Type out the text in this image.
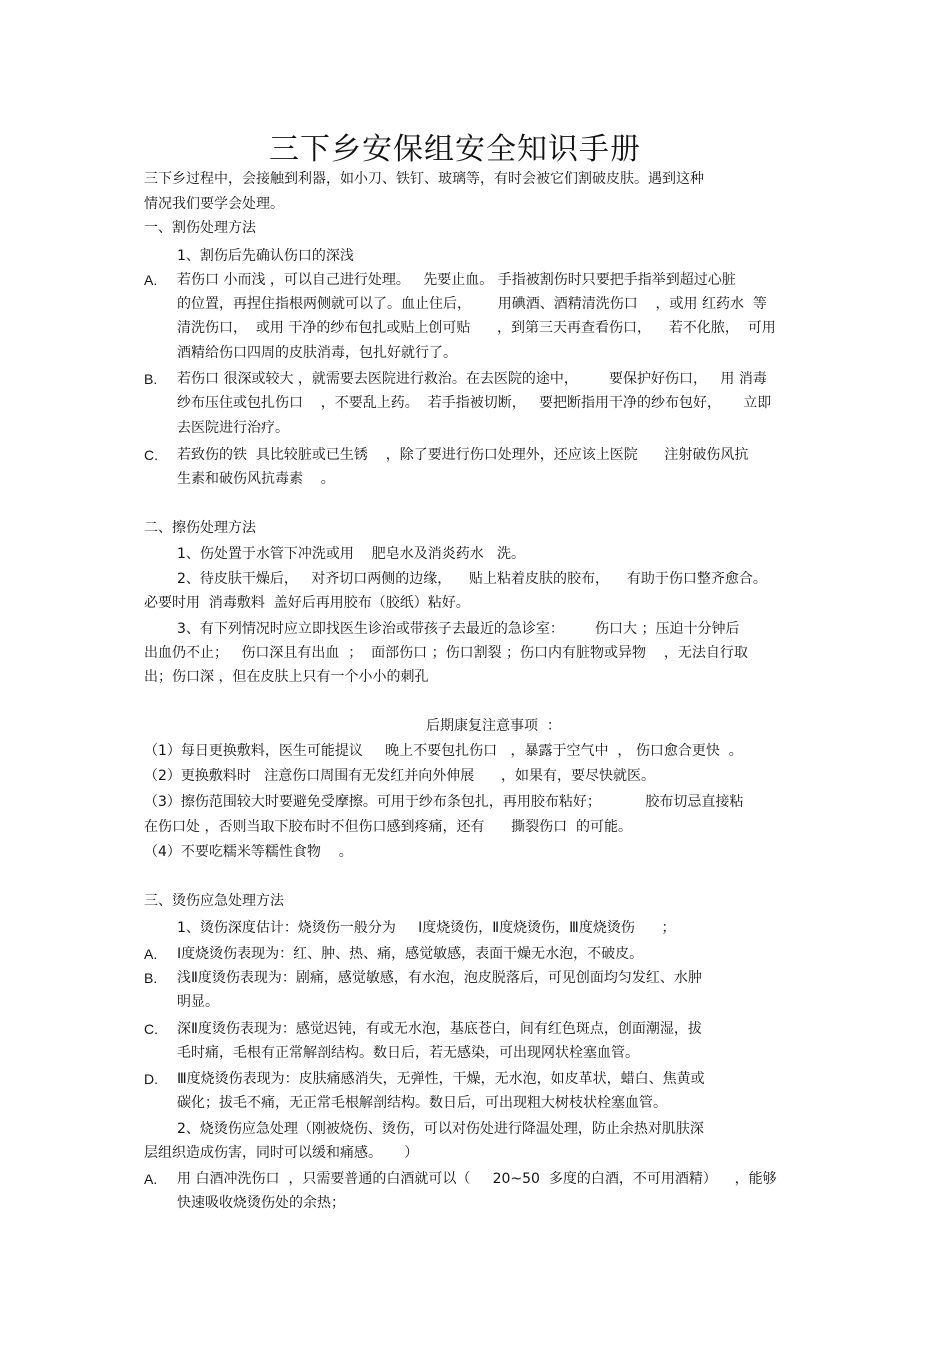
三下乡安保组安全知识手册
三下乡过程中，会接触到利器，如小刀、铁钉、玻璃等，有时会被它们割破皮肤。遇到这种
情况我们要学会处理。
一、割伤处理方法
1、割伤后先确认伤口的深浅
A. 若伤口 小而浅 ，可以自己进行处理。   先要止血。 手指被割伤时只要把手指举到超过心脏
的位置，再捏住指根两侧就可以了。血止住后，      用碘酒、酒精清洗伤口    ，或用 红药水  等
清洗伤口，  或用 干净的纱布包扎或贴上创可贴      ，到第三天再查看伤口，    若不化脓，  可用
酒精给伤口四周的皮肤消毒，包扎好就行了。
B. 若伤口 很深或较大 ，就需要去医院进行救治。在去医院的途中，       要保护好伤口，   用 消毒
纱布压住或包扎伤口    ，不要乱上药。  若手指被切断，   要把断指用干净的纱布包好，     立即
去医院进行治疗。
C. 若致伤的铁  具比较脏或已生锈    ，除了要进行伤口处理外，还应该上医院      注射破伤风抗
生素和破伤风抗毒素    。
二、擦伤处理方法
1、伤处置于水管下冲洗或用    肥皂水及消炎药水   洗。
2、待皮肤干燥后，   对齐切口两侧的边缘，    贴上粘着皮肤的胶布，    有助于伤口整齐愈合。
必要时用  消毒敷料  盖好后再用胶布（胶纸）粘好。
3、有下列情况时应立即找医生诊治或带孩子去最近的急诊室：       伤口大 ；压迫十分钟后
出血仍不止；   伤口深且有出血  ；  面部伤口 ；伤口割裂 ；伤口内有脏物或异物    ，无法自行取
出；伤口深 ，但在皮肤上只有一个小小的刺孔
后期康复注意事项  ：
（1）每日更换敷料，医生可能提议     晚上不要包扎伤口   ，暴露于空气中  ， 伤口愈合更快  。
（2）更换敷料时   注意伤口周围有无发红并向外伸展      ，如果有，要尽快就医。
（3）擦伤范围较大时要避免受摩擦。可用于纱布条包扎，再用胶布粘好；          胶布切忌直接粘
在伤口处 ，否则当取下胶布时不但伤口感到疼痛，还有      撕裂伤口  的可能。
（4）不要吃糯米等糯性食物    。
三、烫伤应急处理方法
1、烫伤深度估计：烧烫伤一般分为     Ⅰ度烧烫伤，Ⅱ度烧烫伤，Ⅲ度烧烫伤      ；
A. Ⅰ度烧烫伤表现为：红、肿、热、痛，感觉敏感，表面干燥无水泡，不破皮。
B. 浅Ⅱ度烫伤表现为：剧痛，感觉敏感，有水泡，泡皮脱落后，可见创面均匀发红、水肿
明显。
C. 深Ⅱ度烫伤表现为：感觉迟钝，有或无水泡，基底苍白，间有红色斑点，创面潮湿，拔
毛时痛，毛根有正常解剖结构。数日后，若无感染，可出现网状栓塞血管。
D. Ⅲ度烧烫伤表现为：皮肤痛感消失，无弹性，干燥，无水泡，如皮革状，蜡白、焦黄或
碳化；拔毛不痛，无正常毛根解剖结构。数日后，可出现粗大树枝状栓塞血管。
2、烧烫伤应急处理（刚被烧伤、烫伤，可以对伤处进行降温处理，防止余热对肌肤深
层组织造成伤害，同时可以缓和痛感。     ）
A. 用 白酒冲洗伤口  ，只需要普通的白酒就可以（     20~50  多度的白酒，不可用酒精）    ，能够
快速吸收烧烫伤处的余热；
